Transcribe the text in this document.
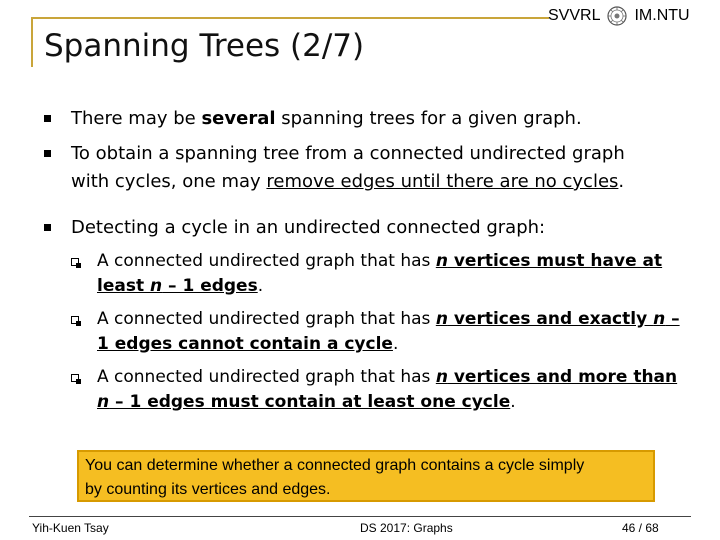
SVVRL IM.NTU
Spanning Trees (2/7)
There may be several spanning trees for a given graph.
To obtain a spanning tree from a connected undirected graph
with cycles, one may remove edges until there are no cycles.
Detecting a cycle in an undirected connected graph:
A connected undirected graph that has n vertices must have at
least n – 1 edges.
A connected undirected graph that has n vertices and exactly n –
1 edges cannot contain a cycle.
A connected undirected graph that has n vertices and more than
n – 1 edges must contain at least one cycle.
You can determine whether a connected graph contains a cycle simply
by counting its vertices and edges.
Yih-Kuen Tsay	DS 2017: Graphs	46 / 68
